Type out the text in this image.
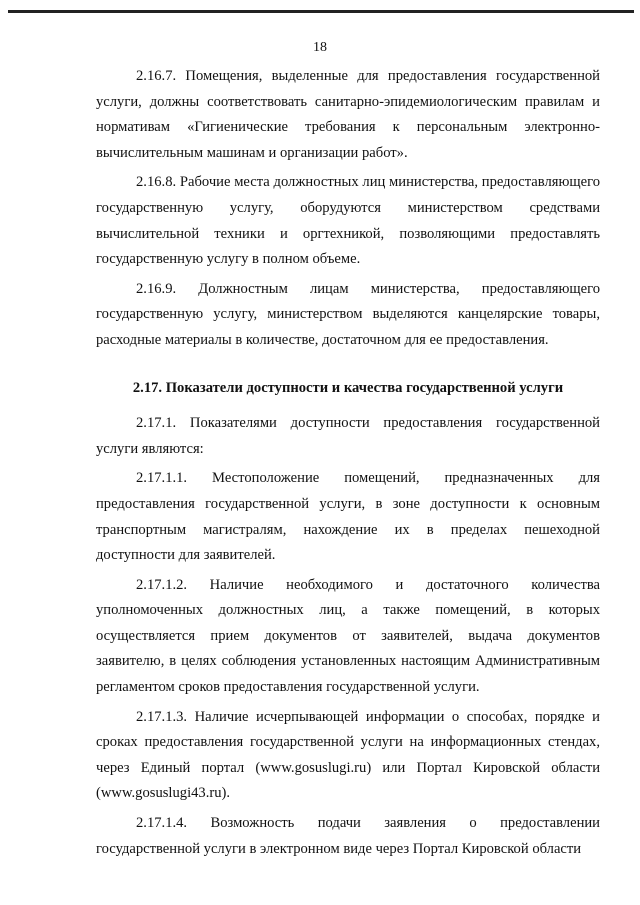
18

2.16.7. Помещения, выделенные для предоставления государственной услуги, должны соответствовать санитарно-эпидемиологическим правилам и нормативам «Гигиенические требования к персональным электронно-вычислительным машинам и организации работ».

2.16.8. Рабочие места должностных лиц министерства, предоставляющего государственную услугу, оборудуются министерством средствами вычислительной техники и оргтехникой, позволяющими предоставлять государственную услугу в полном объеме.

2.16.9. Должностным лицам министерства, предоставляющего государственную услугу, министерством выделяются канцелярские товары, расходные материалы в количестве, достаточном для ее предоставления.

2.17. Показатели доступности и качества государственной услуги

2.17.1. Показателями доступности предоставления государственной услуги являются:

2.17.1.1. Местоположение помещений, предназначенных для предоставления государственной услуги, в зоне доступности к основным транспортным магистралям, нахождение их в пределах пешеходной доступности для заявителей.

2.17.1.2. Наличие необходимого и достаточного количества уполномоченных должностных лиц, а также помещений, в которых осуществляется прием документов от заявителей, выдача документов заявителю, в целях соблюдения установленных настоящим Административным регламентом сроков предоставления государственной услуги.

2.17.1.3. Наличие исчерпывающей информации о способах, порядке и сроках предоставления государственной услуги на информационных стендах, через Единый портал (www.gosuslugi.ru) или Портал Кировской области (www.gosuslugi43.ru).

2.17.1.4. Возможность подачи заявления о предоставлении государственной услуги в электронном виде через Портал Кировской области
